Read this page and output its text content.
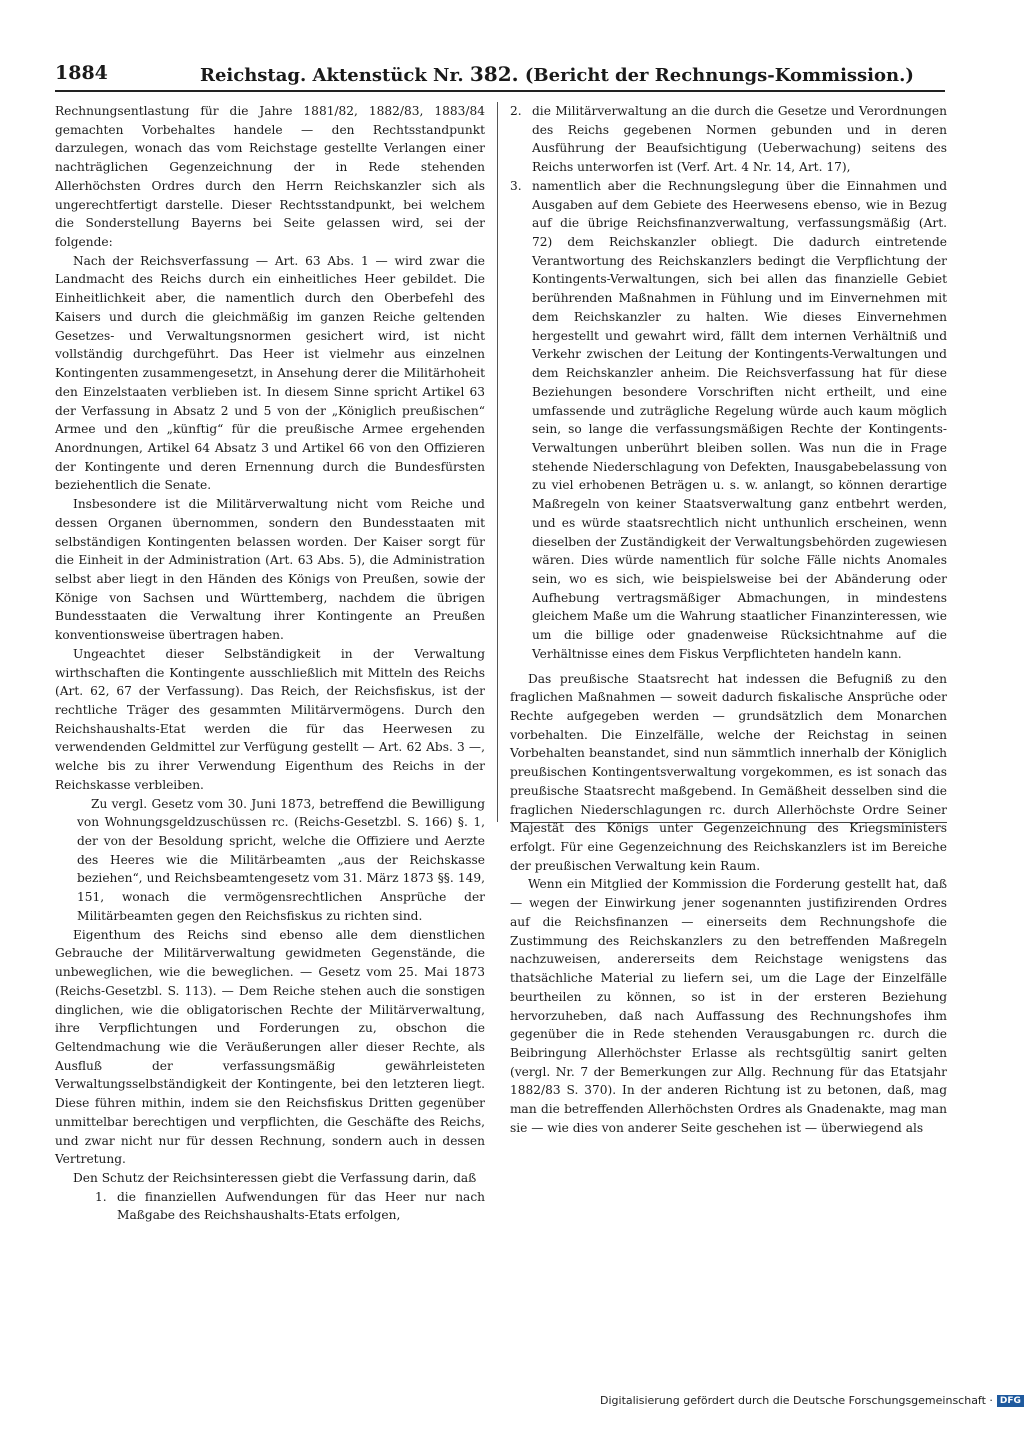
1884	Reichstag. Aktenstück Nr. 382. (Bericht der Rechnungs-Kommission.)

Rechnungsentlastung für die Jahre 1881/82, 1882/83, 1883/84 gemachten Vorbehaltes handele — den Rechtsstandpunkt darzulegen, wonach das vom Reichstage gestellte Verlangen einer nachträglichen Gegenzeichnung der in Rede stehenden Allerhöchsten Ordres durch den Herrn Reichskanzler sich als ungerechtfertigt darstelle. Dieser Rechtsstandpunkt, bei welchem die Sonderstellung Bayerns bei Seite gelassen wird, sei der folgende:

Nach der Reichsverfassung — Art. 63 Abs. 1 — wird zwar die Landmacht des Reichs durch ein einheitliches Heer gebildet. Die Einheitlichkeit aber, die namentlich durch den Oberbefehl des Kaisers und durch die gleichmäßig im ganzen Reiche geltenden Gesetzes- und Verwaltungsnormen gesichert wird, ist nicht vollständig durchgeführt. Das Heer ist vielmehr aus einzelnen Kontingenten zusammengesetzt, in Ansehung derer die Militärhoheit den Einzelstaaten verblieben ist. In diesem Sinne spricht Artikel 63 der Verfassung in Absatz 2 und 5 von der „Königlich preußischen“ Armee und den „künftig“ für die preußische Armee ergehenden Anordnungen, Artikel 64 Absatz 3 und Artikel 66 von den Offizieren der Kontingente und deren Ernennung durch die Bundesfürsten beziehentlich die Senate.

Insbesondere ist die Militärverwaltung nicht vom Reiche und dessen Organen übernommen, sondern den Bundesstaaten mit selbständigen Kontingenten belassen worden. Der Kaiser sorgt für die Einheit in der Administration (Art. 63 Abs. 5), die Administration selbst aber liegt in den Händen des Königs von Preußen, sowie der Könige von Sachsen und Württemberg, nachdem die übrigen Bundesstaaten die Verwaltung ihrer Kontingente an Preußen konventionsweise übertragen haben.

Ungeachtet dieser Selbständigkeit in der Verwaltung wirthschaften die Kontingente ausschließlich mit Mitteln des Reichs (Art. 62, 67 der Verfassung). Das Reich, der Reichsfiskus, ist der rechtliche Träger des gesammten Militärvermögens. Durch den Reichshaushalts-Etat werden die für das Heerwesen zu verwendenden Geldmittel zur Verfügung gestellt — Art. 62 Abs. 3 —, welche bis zu ihrer Verwendung Eigenthum des Reichs in der Reichskasse verbleiben.

Zu vergl. Gesetz vom 30. Juni 1873, betreffend die Bewilligung von Wohnungsgeldzuschüssen rc. (Reichs-Gesetzbl. S. 166) §. 1, der von der Besoldung spricht, welche die Offiziere und Aerzte des Heeres wie die Militärbeamten „aus der Reichskasse beziehen“, und Reichsbeamtengesetz vom 31. März 1873 §§. 149, 151, wonach die vermögensrechtlichen Ansprüche der Militärbeamten gegen den Reichsfiskus zu richten sind.

Eigenthum des Reichs sind ebenso alle dem dienstlichen Gebrauche der Militärverwaltung gewidmeten Gegenstände, die unbeweglichen, wie die beweglichen. — Gesetz vom 25. Mai 1873 (Reichs-Gesetzbl. S. 113). — Dem Reiche stehen auch die sonstigen dinglichen, wie die obligatorischen Rechte der Militärverwaltung, ihre Verpflichtungen und Forderungen zu, obschon die Geltendmachung wie die Veräußerungen aller dieser Rechte, als Ausfluß der verfassungsmäßig gewährleisteten Verwaltungsselbständigkeit der Kontingente, bei den letzteren liegt. Diese führen mithin, indem sie den Reichsfiskus Dritten gegenüber unmittelbar berechtigen und verpflichten, die Geschäfte des Reichs, und zwar nicht nur für dessen Rechnung, sondern auch in dessen Vertretung.

Den Schutz der Reichsinteressen giebt die Verfassung darin, daß

1. die finanziellen Aufwendungen für das Heer nur nach Maßgabe des Reichshaushalts-Etats erfolgen,
2. die Militärverwaltung an die durch die Gesetze und Verordnungen des Reichs gegebenen Normen gebunden und in deren Ausführung der Beaufsichtigung (Ueberwachung) seitens des Reichs unterworfen ist (Verf. Art. 4 Nr. 14, Art. 17),
3. namentlich aber die Rechnungslegung über die Einnahmen und Ausgaben auf dem Gebiete des Heerwesens ebenso, wie in Bezug auf die übrige Reichsfinanzverwaltung, verfassungsmäßig (Art. 72) dem Reichskanzler obliegt. Die dadurch eintretende Verantwortung des Reichskanzlers bedingt die Verpflichtung der Kontingents-Verwaltungen, sich bei allen das finanzielle Gebiet berührenden Maßnahmen in Fühlung und im Einvernehmen mit dem Reichskanzler zu halten. Wie dieses Einvernehmen hergestellt und gewahrt wird, fällt dem internen Verhältniß und Verkehr zwischen der Leitung der Kontingents-Verwaltungen und dem Reichskanzler anheim. Die Reichsverfassung hat für diese Beziehungen besondere Vorschriften nicht ertheilt, und eine umfassende und zuträgliche Regelung würde auch kaum möglich sein, so lange die verfassungsmäßigen Rechte der Kontingents-Verwaltungen unberührt bleiben sollen. Was nun die in Frage stehende Niederschlagung von Defekten, Inausgabebelassung von zu viel erhobenen Beträgen u. s. w. anlangt, so können derartige Maßregeln von keiner Staatsverwaltung ganz entbehrt werden, und es würde staatsrechtlich nicht unthunlich erscheinen, wenn dieselben der Zuständigkeit der Verwaltungsbehörden zugewiesen wären. Dies würde namentlich für solche Fälle nichts Anomales sein, wo es sich, wie beispielsweise bei der Abänderung oder Aufhebung vertragsmäßiger Abmachungen, in mindestens gleichem Maße um die Wahrung staatlicher Finanzinteressen, wie um die billige oder gnadenweise Rücksichtnahme auf die Verhältnisse eines dem Fiskus Verpflichteten handeln kann.

Das preußische Staatsrecht hat indessen die Befugniß zu den fraglichen Maßnahmen — soweit dadurch fiskalische Ansprüche oder Rechte aufgegeben werden — grundsätzlich dem Monarchen vorbehalten. Die Einzelfälle, welche der Reichstag in seinen Vorbehalten beanstandet, sind nun sämmtlich innerhalb der Königlich preußischen Kontingentsverwaltung vorgekommen, es ist sonach das preußische Staatsrecht maßgebend. In Gemäßheit desselben sind die fraglichen Niederschlagungen rc. durch Allerhöchste Ordre Seiner Majestät des Königs unter Gegenzeichnung des Kriegsministers erfolgt. Für eine Gegenzeichnung des Reichskanzlers ist im Bereiche der preußischen Verwaltung kein Raum.

Wenn ein Mitglied der Kommission die Forderung gestellt hat, daß — wegen der Einwirkung jener sogenannten justifizirenden Ordres auf die Reichsfinanzen — einerseits dem Rechnungshofe die Zustimmung des Reichskanzlers zu den betreffenden Maßregeln nachzuweisen, andererseits dem Reichstage wenigstens das thatsächliche Material zu liefern sei, um die Lage der Einzelfälle beurtheilen zu können, so ist in der ersteren Beziehung hervorzuheben, daß nach Auffassung des Rechnungshofes ihm gegenüber die in Rede stehenden Verausgabungen rc. durch die Beibringung Allerhöchster Erlasse als rechtsgültig sanirt gelten (vergl. Nr. 7 der Bemerkungen zur Allg. Rechnung für das Etatsjahr 1882/83 S. 370). In der anderen Richtung ist zu betonen, daß, mag man die betreffenden Allerhöchsten Ordres als Gnadenakte, mag man sie — wie dies von anderer Seite geschehen ist — überwiegend als

Digitalisierung gefördert durch die Deutsche Forschungsgemeinschaft · DFG
